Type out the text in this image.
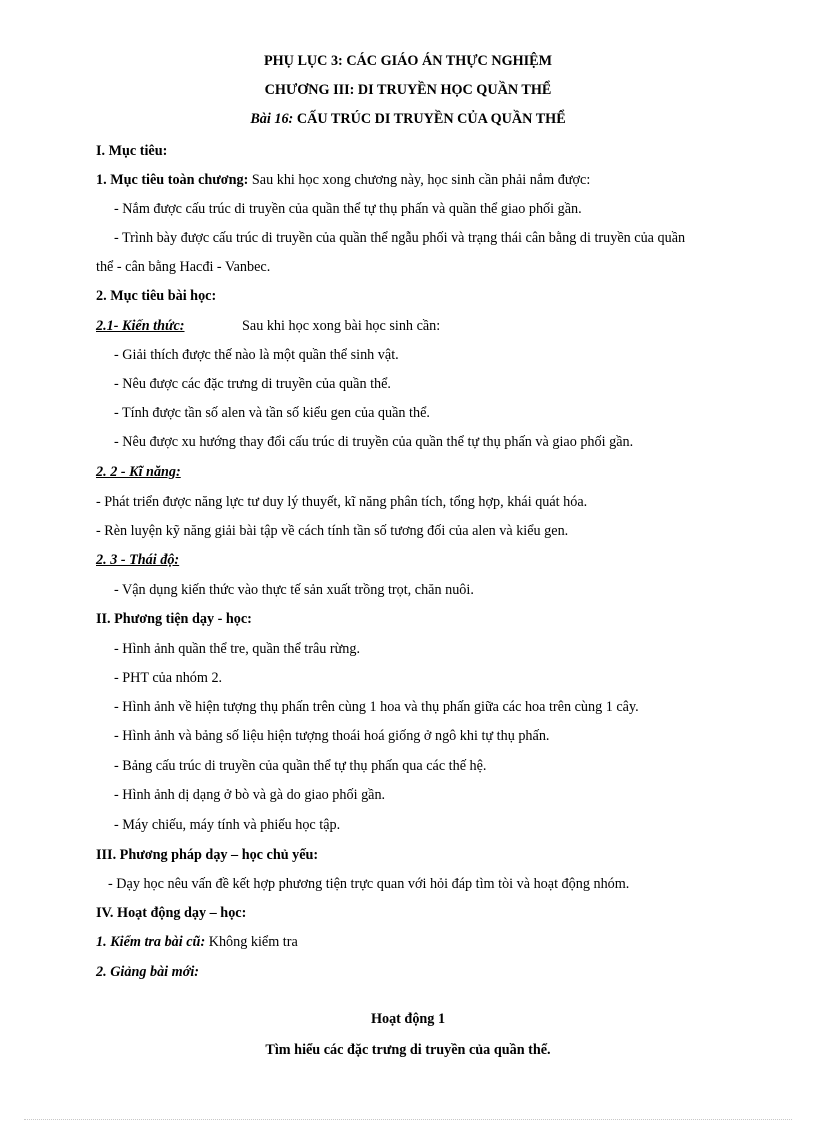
PHỤ LỤC 3: CÁC GIÁO ÁN THỰC NGHIỆM
CHƯƠNG III: DI TRUYỀN HỌC QUẦN THỂ
Bài 16: CẤU TRÚC DI TRUYỀN CỦA QUẦN THỂ
I. Mục tiêu:
1. Mục tiêu toàn chương: Sau khi học xong chương này, học sinh cần phải nắm được:
- Nắm được cấu trúc di truyền của quần thể tự thụ phấn và quần thể giao phối gần.
- Trình bày được cấu trúc di truyền của quần thể ngẫu phối và trạng thái cân bằng di truyền của quần
thể - cân bằng Hacđi - Vanbec.
2. Mục tiêu bài học:
2.1- Kiến thức:	Sau khi học xong bài học sinh cần:
- Giải thích được thế nào là một quần thể sinh vật.
- Nêu được các đặc trưng di truyền của quần thể.
- Tính được tần số alen và tần số kiểu gen của quần thể.
- Nêu được xu hướng thay đổi cấu trúc di truyền của quần thể tự thụ phấn và giao phối gần.
2. 2 - Kĩ năng:
- Phát triển được năng lực tư duy lý thuyết, kĩ năng phân tích, tổng hợp, khái quát hóa.
- Rèn luyện kỹ năng giải bài tập về cách tính tần số tương đối của alen và kiểu gen.
2. 3 - Thái độ:
- Vận dụng kiến thức vào thực tế sản xuất trồng trọt, chăn nuôi.
II. Phương tiện dạy - học:
- Hình ảnh quần thể tre, quần thể trâu rừng.
- PHT của nhóm 2.
- Hình ảnh về hiện tượng thụ phấn trên cùng 1 hoa và thụ phấn giữa các hoa trên cùng 1 cây.
- Hình ảnh và bảng số liệu hiện tượng thoái hoá giống ở ngô khi tự thụ phấn.
- Bảng cấu trúc di truyền của quần thể tự thụ phấn qua các thế hệ.
- Hình ảnh dị dạng ở bò và gà do giao phối gần.
- Máy chiếu, máy tính và phiếu học tập.
III. Phương pháp dạy – học chủ yếu:
- Dạy học nêu vấn đề kết hợp phương tiện trực quan với hỏi đáp tìm tòi và hoạt động nhóm.
IV. Hoạt động dạy – học:
1. Kiểm tra bài cũ: Không kiểm tra
2. Giảng bài mới:
Hoạt động 1
Tìm hiểu các đặc trưng di truyền của quần thể.
